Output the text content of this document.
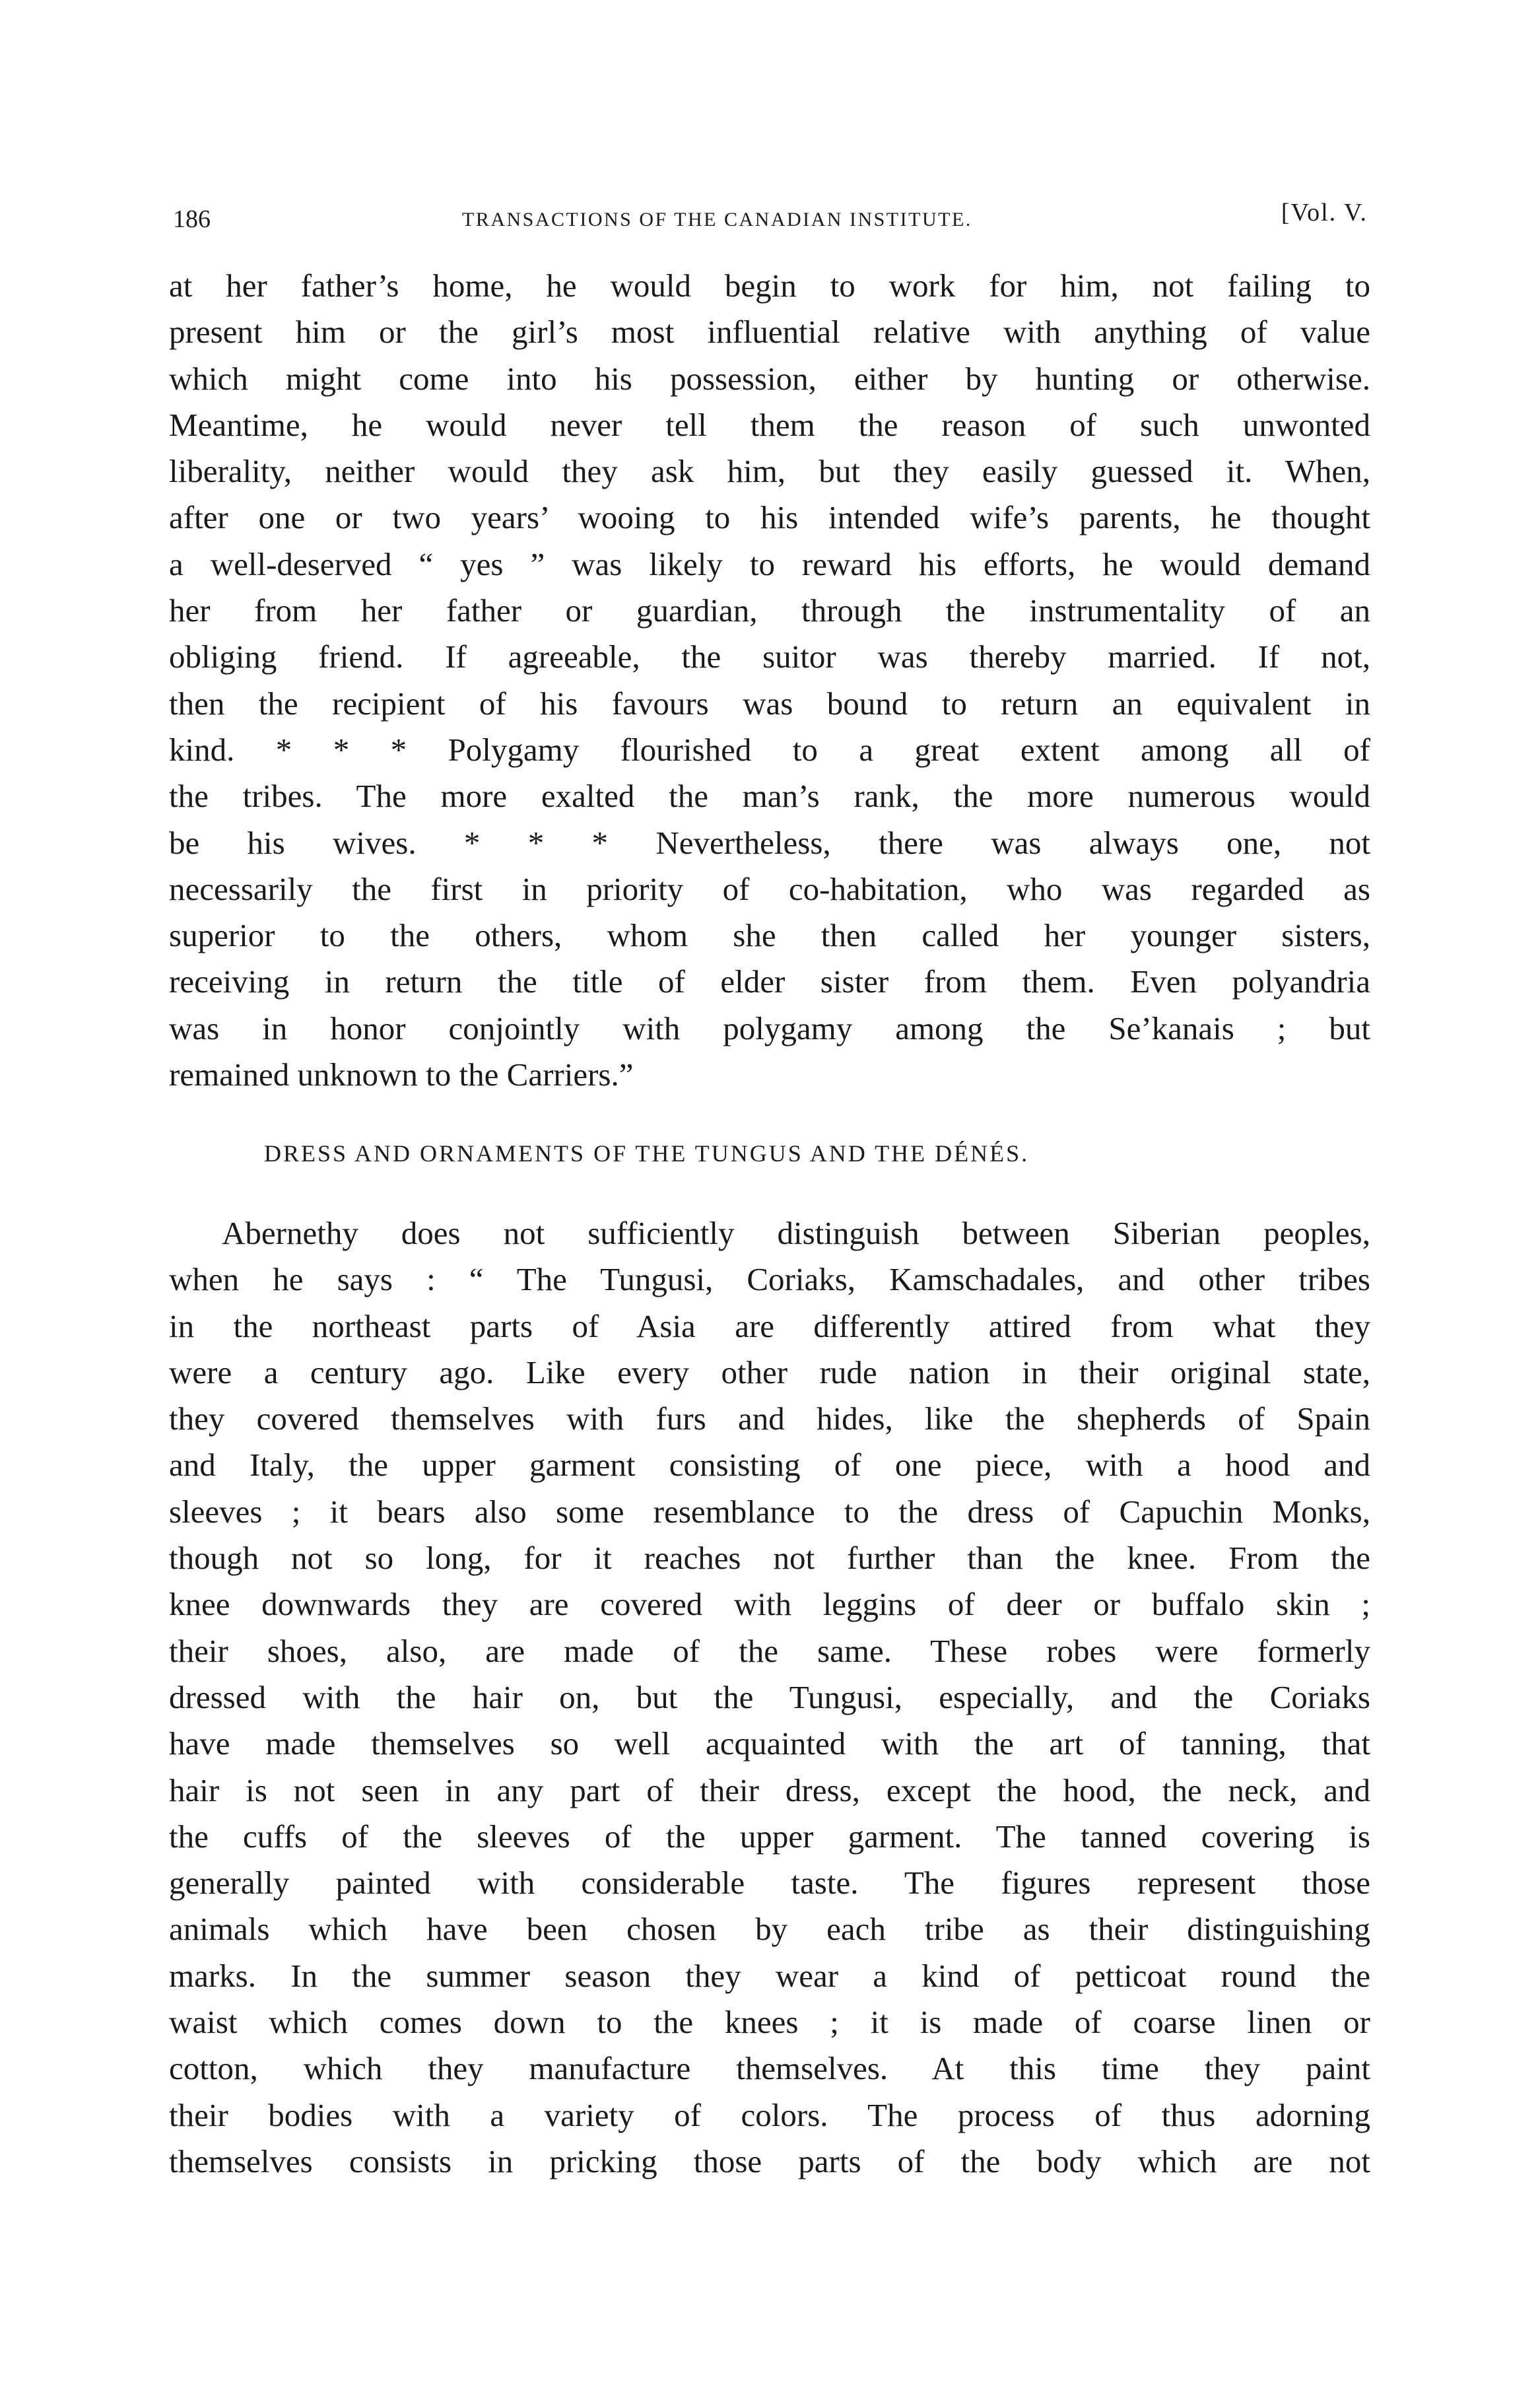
186	TRANSACTIONS OF THE CANADIAN INSTITUTE.	[Vol. V.
at her father’s home, he would begin to work for him, not failing to
present him or the girl’s most influential relative with anything of value
which might come into his possession, either by hunting or otherwise.
Meantime, he would never tell them the reason of such unwonted
liberality, neither would they ask him, but they easily guessed it. When,
after one or two years’ wooing to his intended wife’s parents, he thought
a well-deserved “ yes ” was likely to reward his efforts, he would demand
her from her father or guardian, through the instrumentality of an
obliging friend. If agreeable, the suitor was thereby married. If not,
then the recipient of his favours was bound to return an equivalent in
kind. * * * Polygamy flourished to a great extent among all of
the tribes. The more exalted the man’s rank, the more numerous would
be his wives. * * * Nevertheless, there was always one, not
necessarily the first in priority of co-habitation, who was regarded as
superior to the others, whom she then called her younger sisters,
receiving in return the title of elder sister from them. Even polyandria
was in honor conjointly with polygamy among the Se’kanais ; but
remained unknown to the Carriers.”
DRESS AND ORNAMENTS OF THE TUNGUS AND THE DÉNÉS.
Abernethy does not sufficiently distinguish between Siberian peoples,
when he says : “ The Tungusi, Coriaks, Kamschadales, and other tribes
in the northeast parts of Asia are differently attired from what they
were a century ago. Like every other rude nation in their original state,
they covered themselves with furs and hides, like the shepherds of Spain
and Italy, the upper garment consisting of one piece, with a hood and
sleeves ; it bears also some resemblance to the dress of Capuchin Monks,
though not so long, for it reaches not further than the knee. From the
knee downwards they are covered with leggins of deer or buffalo skin ;
their shoes, also, are made of the same. These robes were formerly
dressed with the hair on, but the Tungusi, especially, and the Coriaks
have made themselves so well acquainted with the art of tanning, that
hair is not seen in any part of their dress, except the hood, the neck, and
the cuffs of the sleeves of the upper garment. The tanned covering is
generally painted with considerable taste. The figures represent those
animals which have been chosen by each tribe as their distinguishing
marks. In the summer season they wear a kind of petticoat round the
waist which comes down to the knees ; it is made of coarse linen or
cotton, which they manufacture themselves. At this time they paint
their bodies with a variety of colors. The process of thus adorning
themselves consists in pricking those parts of the body which are not
